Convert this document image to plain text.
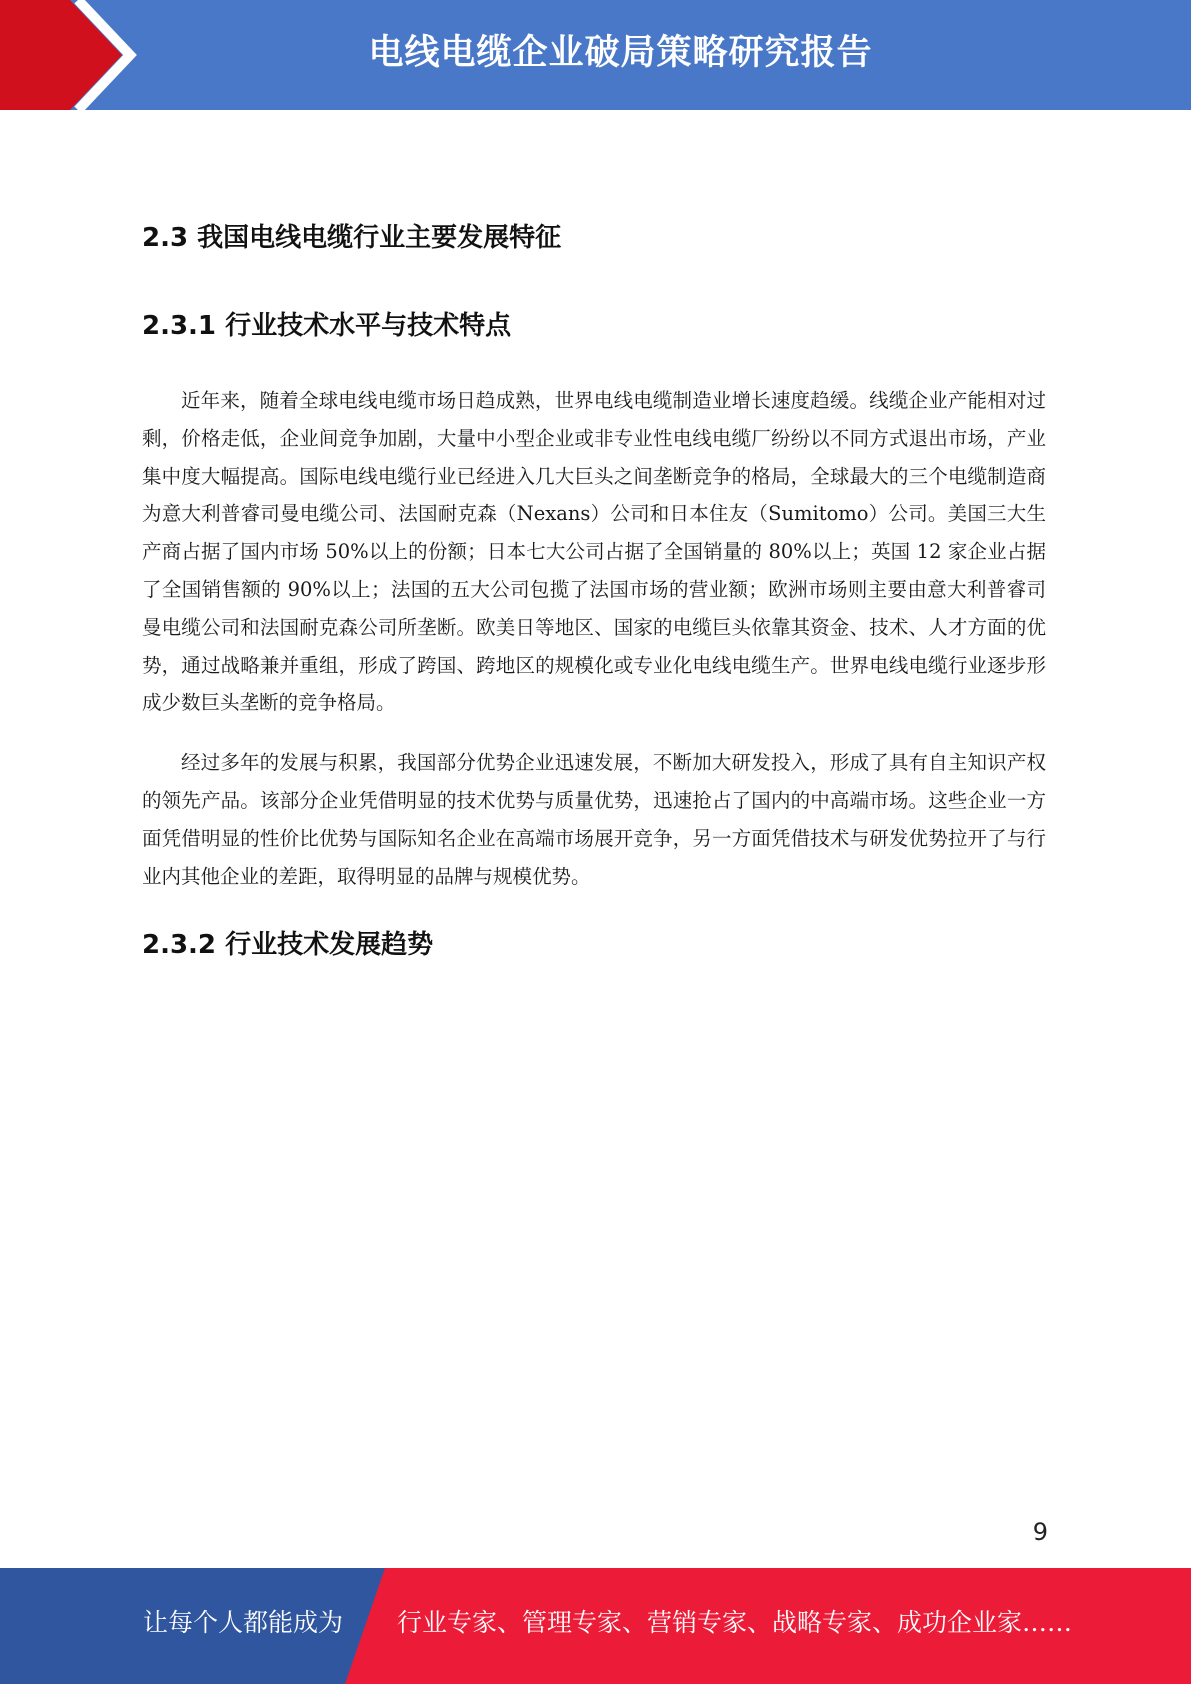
电线电缆企业破局策略研究报告
2.3 我国电线电缆行业主要发展特征
2.3.1 行业技术水平与技术特点

近年来，随着全球电线电缆市场日趋成熟，世界电线电缆制造业增长速度趋缓。线缆企业产能相对过剩，价格走低，企业间竞争加剧，大量中小型企业或非专业性电线电缆厂纷纷以不同方式退出市场，产业集中度大幅提高。国际电线电缆行业已经进入几大巨头之间垄断竞争的格局，全球最大的三个电缆制造商为意大利普睿司曼电缆公司、法国耐克森（Nexans）公司和日本住友（Sumitomo）公司。美国三大生产商占据了国内市场 50%以上的份额；日本七大公司占据了全国销量的 80%以上；英国 12 家企业占据了全国销售额的 90%以上；法国的五大公司包揽了法国市场的营业额；欧洲市场则主要由意大利普睿司曼电缆公司和法国耐克森公司所垄断。欧美日等地区、国家的电缆巨头依靠其资金、技术、人才方面的优势，通过战略兼并重组，形成了跨国、跨地区的规模化或专业化电线电缆生产。世界电线电缆行业逐步形成少数巨头垄断的竞争格局。

经过多年的发展与积累，我国部分优势企业迅速发展，不断加大研发投入，形成了具有自主知识产权的领先产品。该部分企业凭借明显的技术优势与质量优势，迅速抢占了国内的中高端市场。这些企业一方面凭借明显的性价比优势与国际知名企业在高端市场展开竞争，另一方面凭借技术与研发优势拉开了与行业内其他企业的差距，取得明显的品牌与规模优势。

2.3.2 行业技术发展趋势

9
让每个人都能成为 行业专家、管理专家、营销专家、战略专家、成功企业家……
